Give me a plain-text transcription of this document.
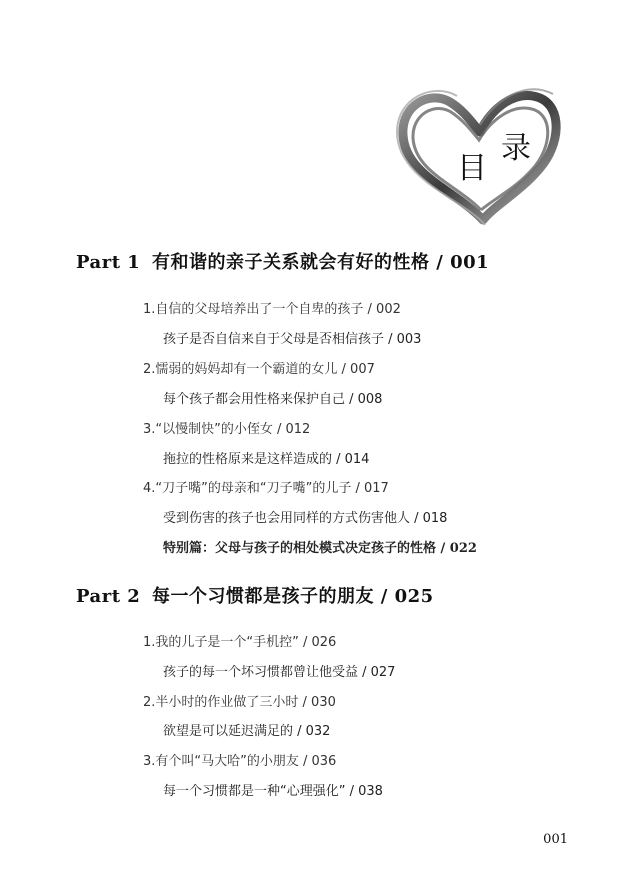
目
录
Part 1 有和谐的亲子关系就会有好的性格 / 001
1.自信的父母培养出了一个自卑的孩子 / 002
孩子是否自信来自于父母是否相信孩子 / 003
2.懦弱的妈妈却有一个霸道的女儿 / 007
每个孩子都会用性格来保护自己 / 008
3.“以慢制快”的小侄女 / 012
拖拉的性格原来是这样造成的 / 014
4.“刀子嘴”的母亲和“刀子嘴”的儿子 / 017
受到伤害的孩子也会用同样的方式伤害他人 / 018
特别篇：父母与孩子的相处模式决定孩子的性格 / 022
Part 2 每一个习惯都是孩子的朋友 / 025
1.我的儿子是一个“手机控” / 026
孩子的每一个坏习惯都曾让他受益 / 027
2.半小时的作业做了三小时 / 030
欲望是可以延迟满足的 / 032
3.有个叫“马大哈”的小朋友 / 036
每一个习惯都是一种“心理强化” / 038
001
